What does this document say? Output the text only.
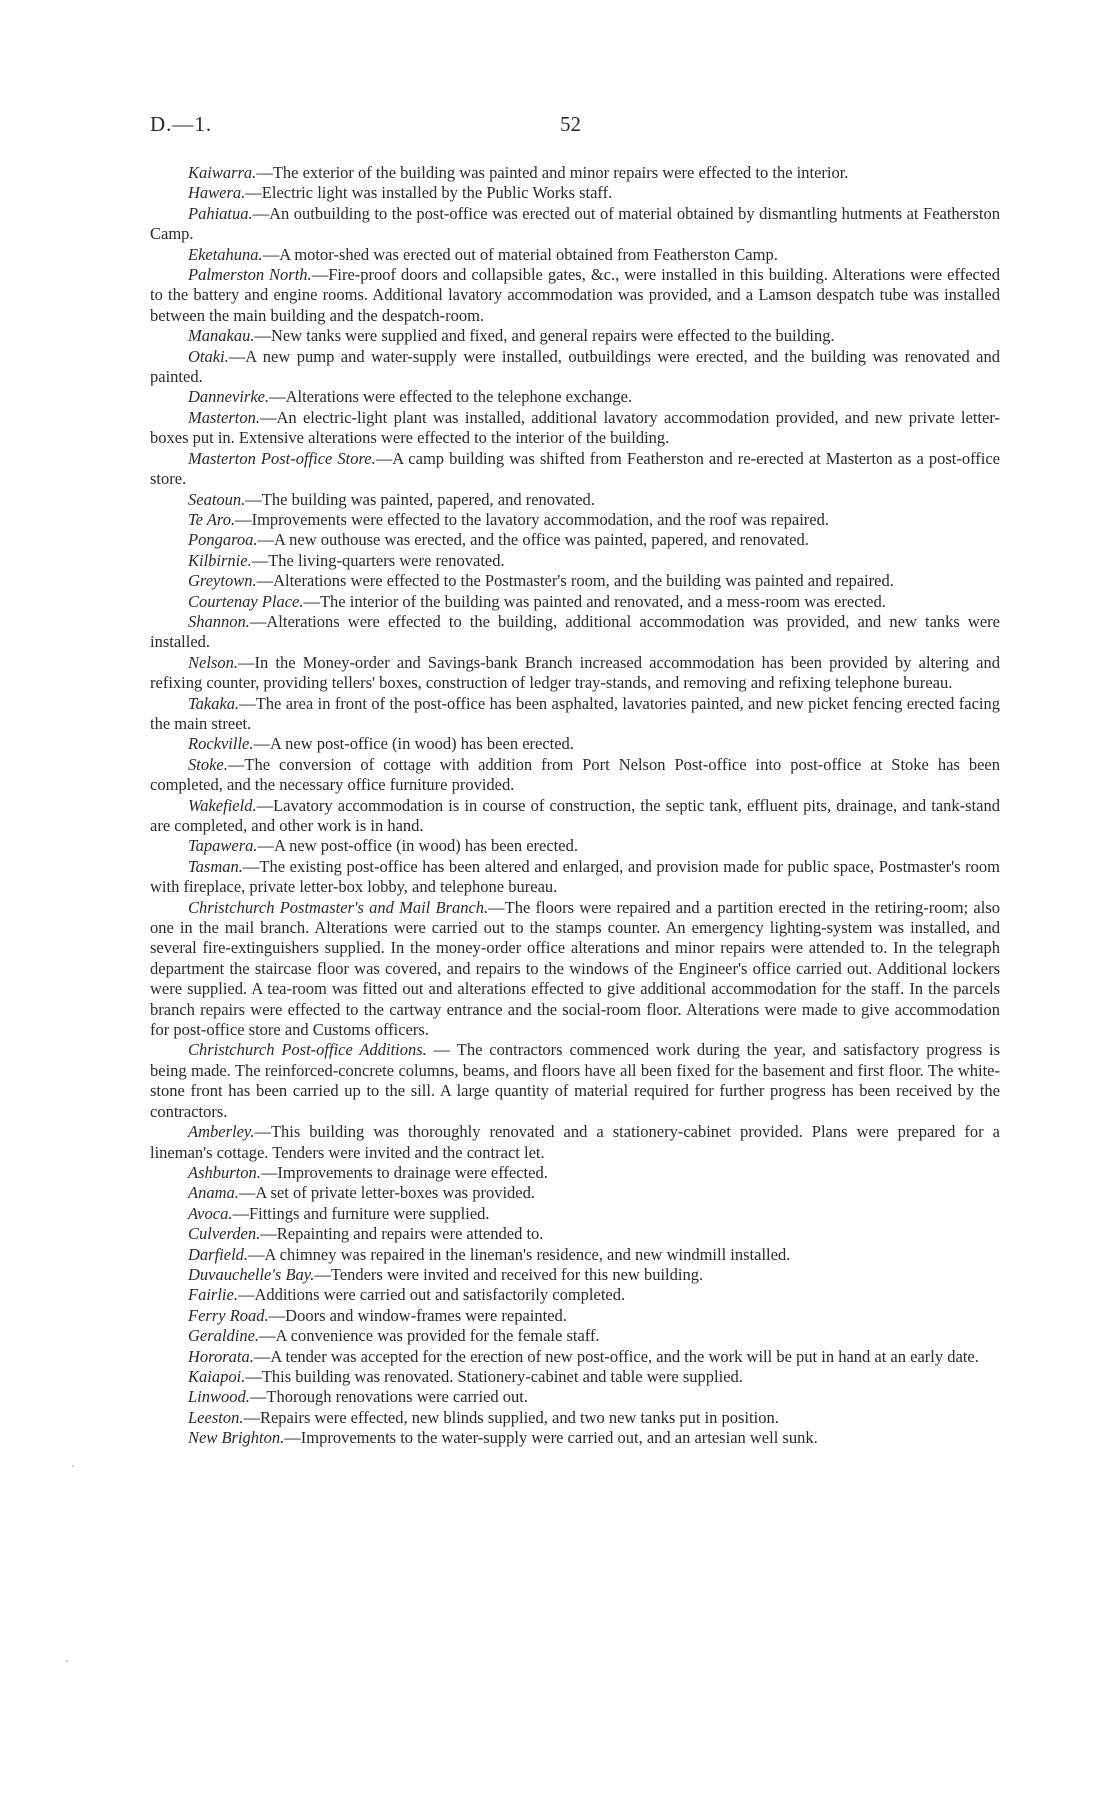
D.—1.	52

Kaiwarra.—The exterior of the building was painted and minor repairs were effected to the interior.

Hawera.—Electric light was installed by the Public Works staff.

Pahiatua.—An outbuilding to the post-office was erected out of material obtained by dismantling hutments at Featherston Camp.

Eketahuna.—A motor-shed was erected out of material obtained from Featherston Camp.

Palmerston North.—Fire-proof doors and collapsible gates, &c., were installed in this building. Alterations were effected to the battery and engine rooms. Additional lavatory accommodation was provided, and a Lamson despatch tube was installed between the main building and the despatch-room.

Manakau.—New tanks were supplied and fixed, and general repairs were effected to the building.

Otaki.—A new pump and water-supply were installed, outbuildings were erected, and the building was renovated and painted.

Dannevirke.—Alterations were effected to the telephone exchange.

Masterton.—An electric-light plant was installed, additional lavatory accommodation provided, and new private letter-boxes put in. Extensive alterations were effected to the interior of the building.

Masterton Post-office Store.—A camp building was shifted from Featherston and re-erected at Masterton as a post-office store.

Seatoun.—The building was painted, papered, and renovated.

Te Aro.—Improvements were effected to the lavatory accommodation, and the roof was repaired.

Pongaroa.—A new outhouse was erected, and the office was painted, papered, and renovated.

Kilbirnie.—The living-quarters were renovated.

Greytown.—Alterations were effected to the Postmaster's room, and the building was painted and repaired.

Courtenay Place.—The interior of the building was painted and renovated, and a mess-room was erected.

Shannon.—Alterations were effected to the building, additional accommodation was provided, and new tanks were installed.

Nelson.—In the Money-order and Savings-bank Branch increased accommodation has been provided by altering and refixing counter, providing tellers' boxes, construction of ledger tray-stands, and removing and refixing telephone bureau.

Takaka.—The area in front of the post-office has been asphalted, lavatories painted, and new picket fencing erected facing the main street.

Rockville.—A new post-office (in wood) has been erected.

Stoke.—The conversion of cottage with addition from Port Nelson Post-office into post-office at Stoke has been completed, and the necessary office furniture provided.

Wakefield.—Lavatory accommodation is in course of construction, the septic tank, effluent pits, drainage, and tank-stand are completed, and other work is in hand.

Tapawera.—A new post-office (in wood) has been erected.

Tasman.—The existing post-office has been altered and enlarged, and provision made for public space, Postmaster's room with fireplace, private letter-box lobby, and telephone bureau.

Christchurch Postmaster's and Mail Branch.—The floors were repaired and a partition erected in the retiring-room; also one in the mail branch. Alterations were carried out to the stamps counter. An emergency lighting-system was installed, and several fire-extinguishers supplied. In the money-order office alterations and minor repairs were attended to. In the telegraph department the staircase floor was covered, and repairs to the windows of the Engineer's office carried out. Additional lockers were supplied. A tea-room was fitted out and alterations effected to give additional accommodation for the staff. In the parcels branch repairs were effected to the cartway entrance and the social-room floor. Alterations were made to give accommodation for post-office store and Customs officers.

Christchurch Post-office Additions. — The contractors commenced work during the year, and satisfactory progress is being made. The reinforced-concrete columns, beams, and floors have all been fixed for the basement and first floor. The white-stone front has been carried up to the sill. A large quantity of material required for further progress has been received by the contractors.

Amberley.—This building was thoroughly renovated and a stationery-cabinet provided. Plans were prepared for a lineman's cottage. Tenders were invited and the contract let.

Ashburton.—Improvements to drainage were effected.

Anama.—A set of private letter-boxes was provided.

Avoca.—Fittings and furniture were supplied.

Culverden.—Repainting and repairs were attended to.

Darfield.—A chimney was repaired in the lineman's residence, and new windmill installed.

Duvauchelle's Bay.—Tenders were invited and received for this new building.

Fairlie.—Additions were carried out and satisfactorily completed.

Ferry Road.—Doors and window-frames were repainted.

Geraldine.—A convenience was provided for the female staff.

Hororata.—A tender was accepted for the erection of new post-office, and the work will be put in hand at an early date.

Kaiapoi.—This building was renovated. Stationery-cabinet and table were supplied.

Linwood.—Thorough renovations were carried out.

Leeston.—Repairs were effected, new blinds supplied, and two new tanks put in position.

New Brighton.—Improvements to the water-supply were carried out, and an artesian well sunk.
